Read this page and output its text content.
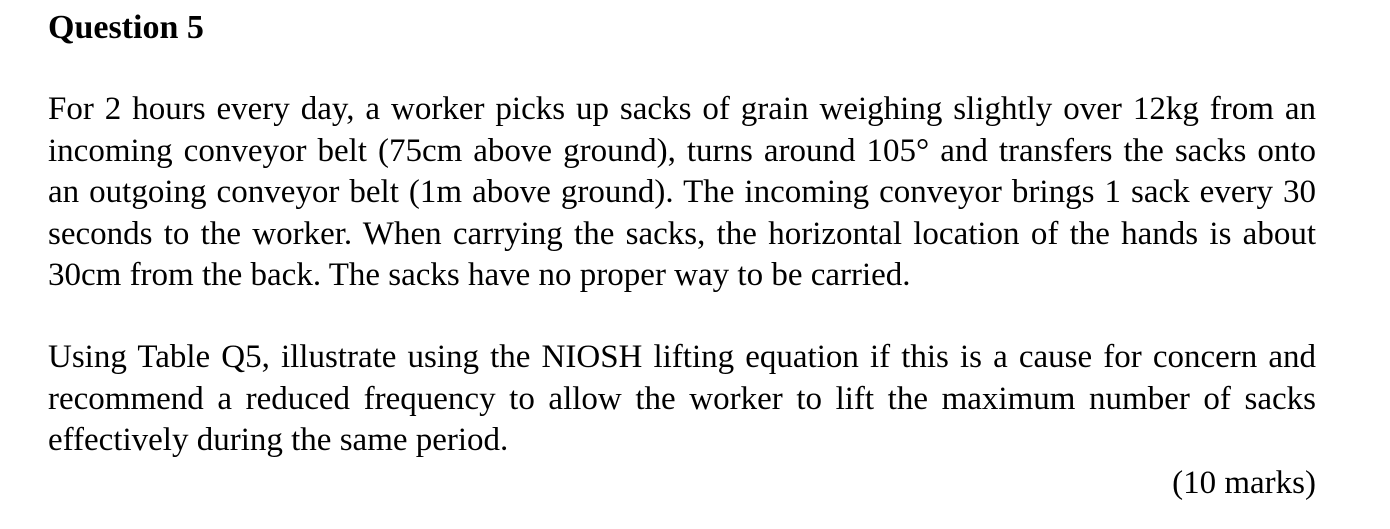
Question 5

For 2 hours every day, a worker picks up sacks of grain weighing slightly over 12kg from an incoming conveyor belt (75cm above ground), turns around 105° and transfers the sacks onto an outgoing conveyor belt (1m above ground). The incoming conveyor brings 1 sack every 30 seconds to the worker. When carrying the sacks, the horizontal location of the hands is about 30cm from the back. The sacks have no proper way to be carried.

Using Table Q5, illustrate using the NIOSH lifting equation if this is a cause for concern and recommend a reduced frequency to allow the worker to lift the maximum number of sacks effectively during the same period.

(10 marks)
